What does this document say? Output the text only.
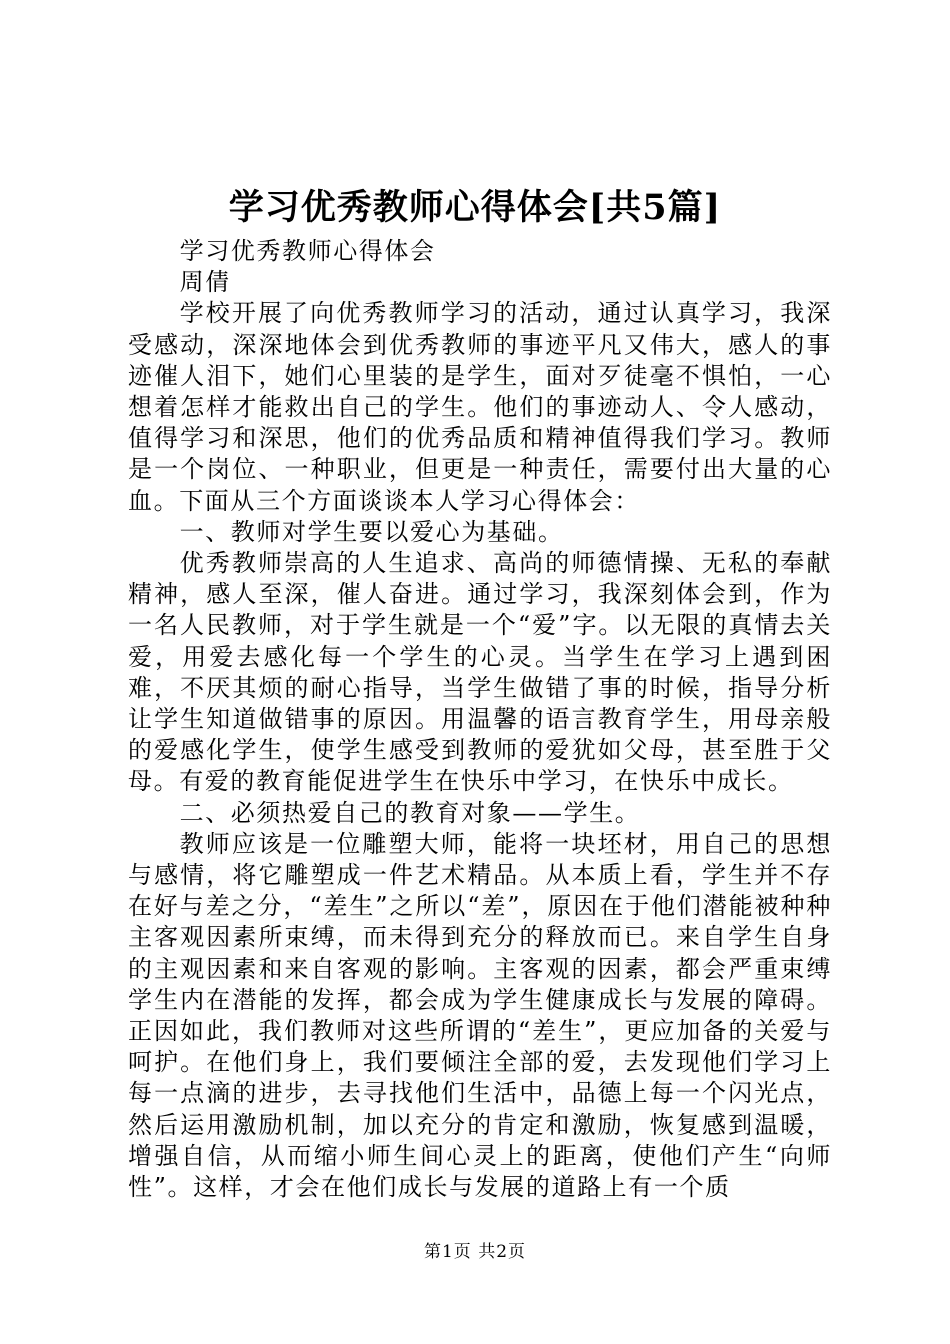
学习优秀教师心得体会[共5篇]

学习优秀教师心得体会

周倩

学校开展了向优秀教师学习的活动，通过认真学习，我深受感动，深深地体会到优秀教师的事迹平凡又伟大，感人的事迹催人泪下，她们心里装的是学生，面对歹徒毫不惧怕，一心想着怎样才能救出自己的学生。他们的事迹动人、令人感动，值得学习和深思，他们的优秀品质和精神值得我们学习。教师是一个岗位、一种职业，但更是一种责任，需要付出大量的心血。下面从三个方面谈谈本人学习心得体会：

一、教师对学生要以爱心为基础。

优秀教师崇高的人生追求、高尚的师德情操、无私的奉献精神，感人至深，催人奋进。通过学习，我深刻体会到，作为一名人民教师，对于学生就是一个“爱”字。以无限的真情去关爱，用爱去感化每一个学生的心灵。当学生在学习上遇到困难，不厌其烦的耐心指导，当学生做错了事的时候，指导分析让学生知道做错事的原因。用温馨的语言教育学生，用母亲般的爱感化学生，使学生感受到教师的爱犹如父母，甚至胜于父母。有爱的教育能促进学生在快乐中学习，在快乐中成长。

二、必须热爱自己的教育对象——学生。

教师应该是一位雕塑大师，能将一块坯材，用自己的思想与感情，将它雕塑成一件艺术精品。从本质上看，学生并不存在好与差之分，“差生”之所以“差”，原因在于他们潜能被种种主客观因素所束缚，而未得到充分的释放而已。来自学生自身的主观因素和来自客观的影响。主客观的因素，都会严重束缚学生内在潜能的发挥，都会成为学生健康成长与发展的障碍。正因如此，我们教师对这些所谓的“差生”，更应加备的关爱与呵护。在他们身上，我们要倾注全部的爱，去发现他们学习上每一点滴的进步，去寻找他们生活中，品德上每一个闪光点，然后运用激励机制，加以充分的肯定和激励，恢复感到温暖，增强自信，从而缩小师生间心灵上的距离，使他们产生“向师性”。这样，才会在他们成长与发展的道路上有一个质

第1页 共2页
